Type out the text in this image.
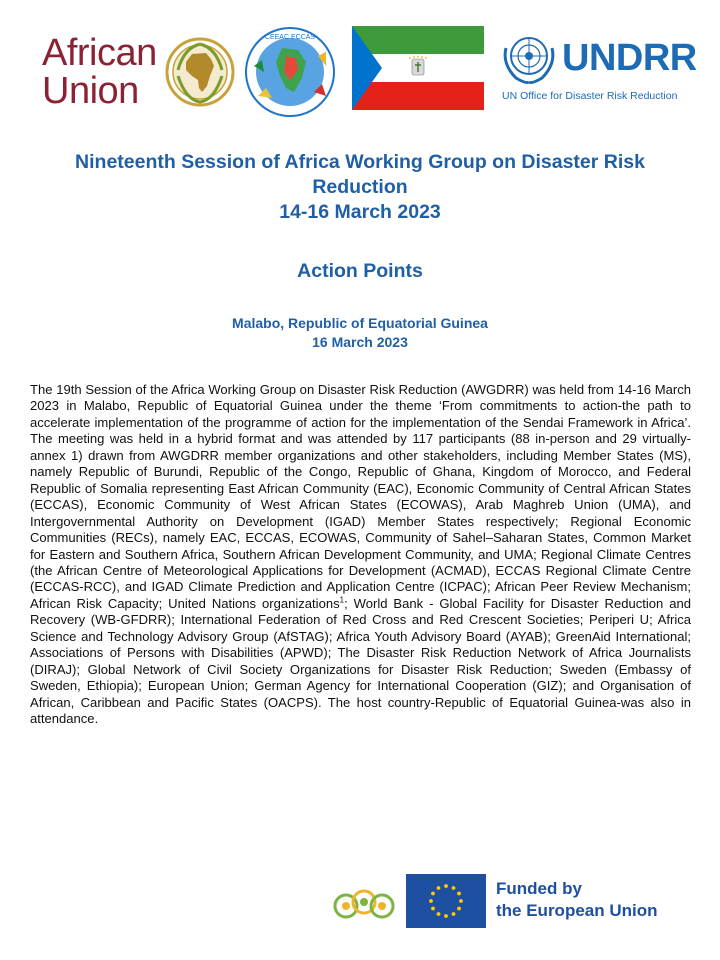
African
Union
CEEAC ECCAS	UNDRR
UN Office for Disaster Risk Reduction
Nineteenth Session of Africa Working Group on Disaster Risk Reduction
14-16 March 2023
Action Points
Malabo, Republic of Equatorial Guinea
16 March 2023
The 19th Session of the Africa Working Group on Disaster Risk Reduction (AWGDRR) was held from 14-16 March 2023 in Malabo, Republic of Equatorial Guinea under the theme ‘From commitments to action-the path to accelerate implementation of the programme of action for the implementation of the Sendai Framework in Africa’. The meeting was held in a hybrid format and was attended by 117 participants (88 in-person and 29 virtually-annex 1) drawn from AWGDRR member organizations and other stakeholders, including Member States (MS), namely Republic of Burundi, Republic of the Congo, Republic of Ghana, Kingdom of Morocco, and Federal Republic of Somalia representing East African Community (EAC), Economic Community of Central African States (ECCAS), Economic Community of West African States (ECOWAS), Arab Maghreb Union (UMA), and Intergovernmental Authority on Development (IGAD) Member States respectively; Regional Economic Communities (RECs), namely EAC, ECCAS, ECOWAS, Community of Sahel–Saharan States, Common Market for Eastern and Southern Africa, Southern African Development Community, and UMA; Regional Climate Centres (the African Centre of Meteorological Applications for Development (ACMAD), ECCAS Regional Climate Centre (ECCAS-RCC), and IGAD Climate Prediction and Application Centre (ICPAC); African Peer Review Mechanism; African Risk Capacity; United Nations organizations$^1$; World Bank - Global Facility for Disaster Reduction and Recovery (WB-GFDRR); International Federation of Red Cross and Red Crescent Societies; Periperi U; Africa Science and Technology Advisory Group (AfSTAG); Africa Youth Advisory Board (AYAB); GreenAid International; Associations of Persons with Disabilities (APWD); The Disaster Risk Reduction Network of Africa Journalists (DIRAJ); Global Network of Civil Society Organizations for Disaster Risk Reduction; Sweden (Embassy of Sweden, Ethiopia); European Union; German Agency for International Cooperation (GIZ); and Organisation of African, Caribbean and Pacific States (OACPS). The host country-Republic of Equatorial Guinea-was also in attendance.
Funded by
the European Union
